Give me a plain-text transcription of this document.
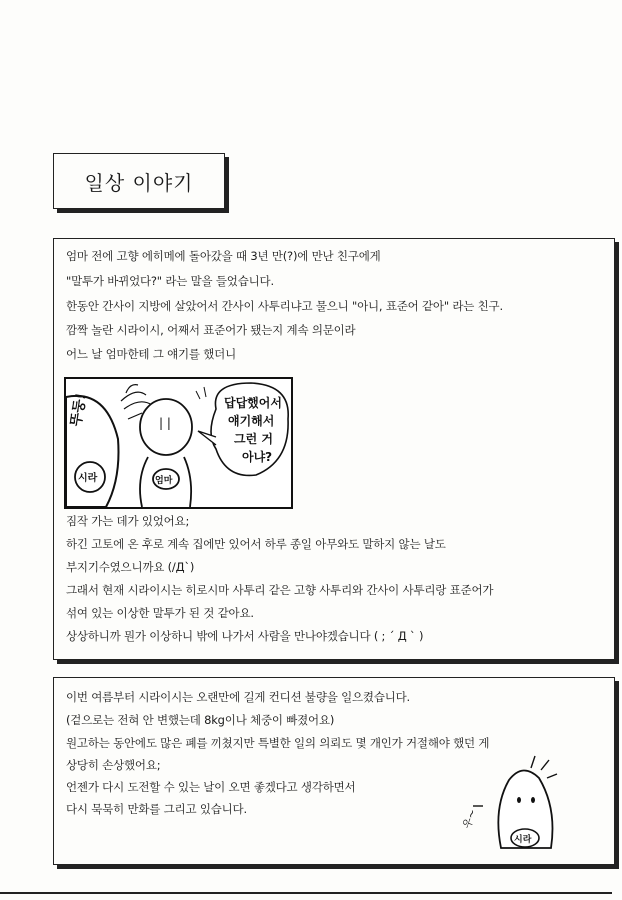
일상 이야기
엄마 전에 고향 에히메에 돌아갔을 때 3년 만(?)에 만난 친구에게
"말투가 바뀌었다?" 라는 말을 들었습니다.
한동안 간사이 지방에 살았어서 간사이 사투리냐고 물으니 "아니, 표준어 같아" 라는 친구.
깜짝 놀란 시라이시, 어째서 표준어가 됐는지 계속 의문이라
어느 날 엄마한테 그 얘기를 했더니
뚜둥!	| |
답답했어서
얘기해서
그런 거
아냐?
시라	엄마
짐작 가는 데가 있었어요;
하긴 고토에 온 후로 계속 집에만 있어서 하루 종일 아무와도 말하지 않는 날도
부지기수였으니까요 (/Д`)
그래서 현재 시라이시는 히로시마 사투리 같은 고향 사투리와 간사이 사투리랑 표준어가
섞여 있는 이상한 말투가 된 것 같아요.
상상하니까 뭔가 이상하니 밖에 나가서 사람을 만나야겠습니다 ( ; ´ Д ` )
이번 여름부터 시라이시는 오랜만에 길게 컨디션 불량을 일으켰습니다.
(겉으로는 전혀 안 변했는데 8kg이나 체중이 빠졌어요)
원고하는 동안에도 많은 폐를 끼쳤지만 특별한 일의 의뢰도 몇 개인가 거절해야 했던 게
상당히 손상했어요;
언젠가 다시 도전할 수 있는 날이 오면 좋겠다고 생각하면서
다시 묵묵히 만화를 그리고 있습니다.
시라
우~
